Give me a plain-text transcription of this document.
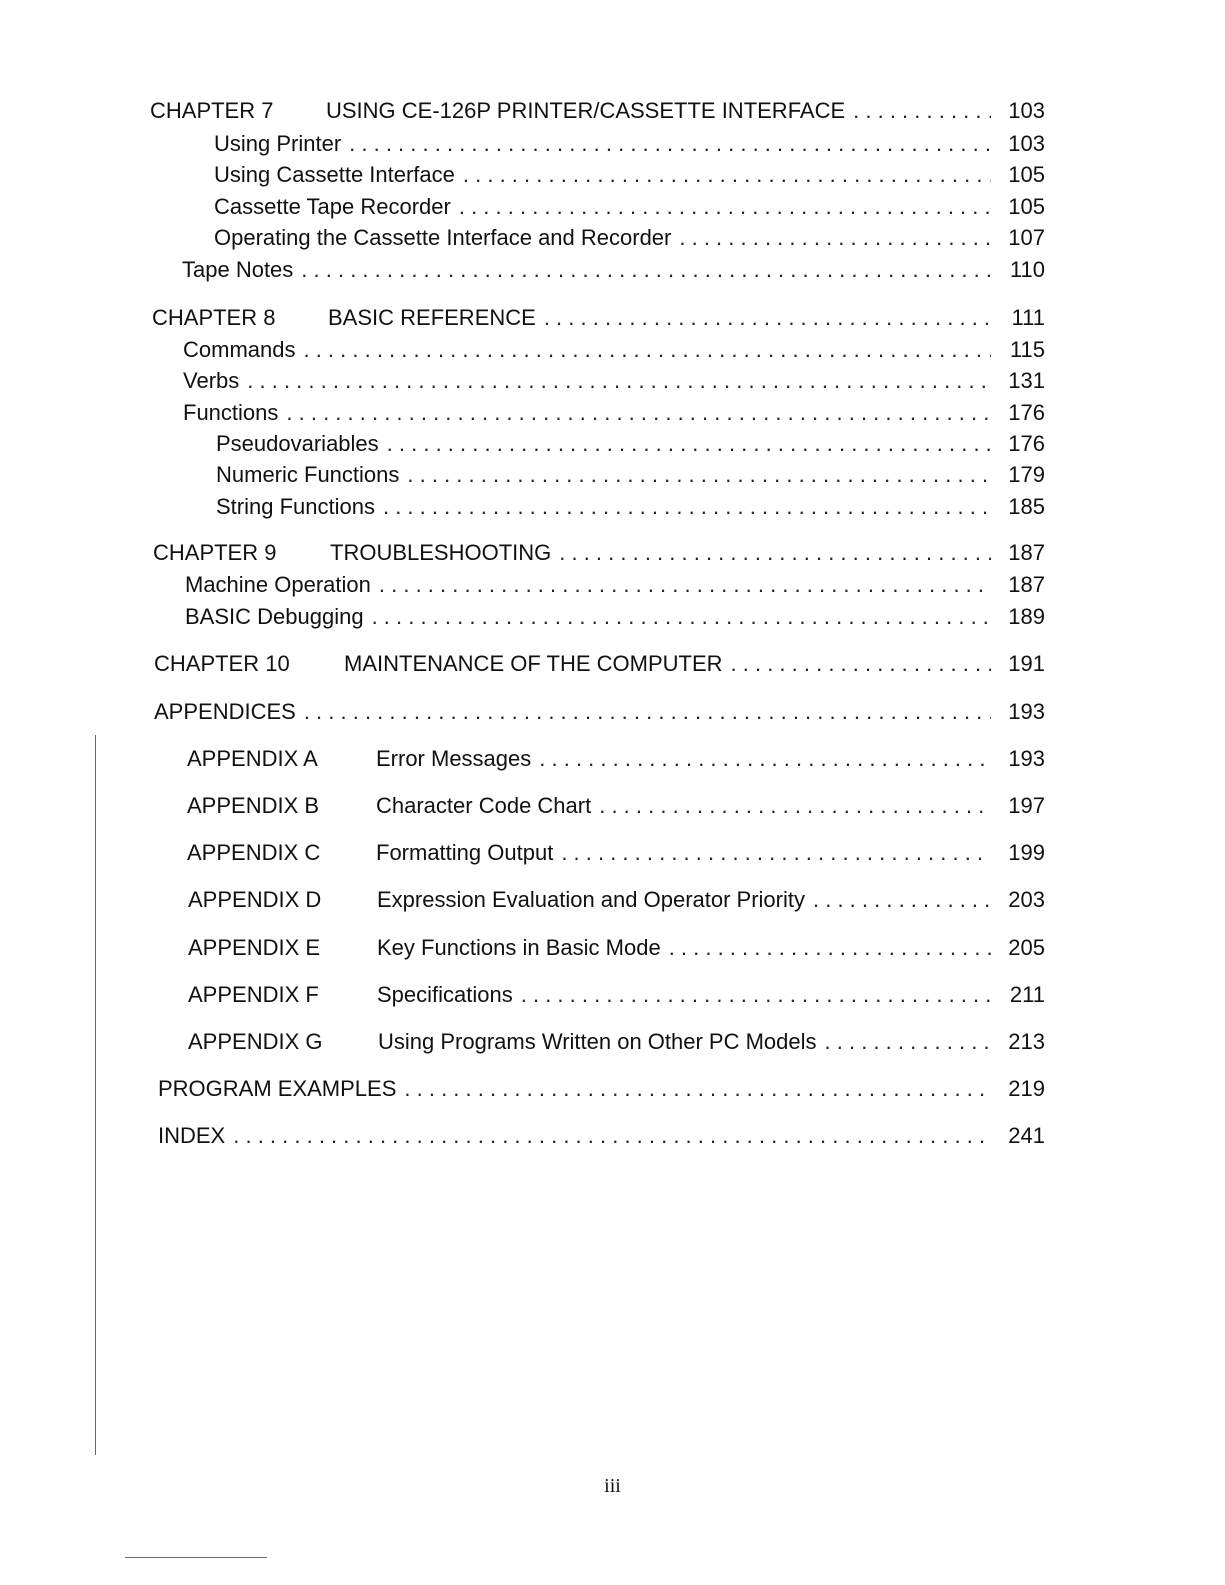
CHAPTER 7	USING CE-126P PRINTER/CASSETTE INTERFACE . . .	103
Using Printer . . .	103
Using Cassette Interface . . .	105
Cassette Tape Recorder . . .	105
Operating the Cassette Interface and Recorder . . .	107
Tape Notes . . .	110
CHAPTER 8	BASIC REFERENCE . . .	111
Commands . . .	115
Verbs . . .	131
Functions . . .	176
Pseudovariables . . .	176
Numeric Functions . . .	179
String Functions . . .	185
CHAPTER 9	TROUBLESHOOTING . . .	187
Machine Operation . . .	187
BASIC Debugging . . .	189
CHAPTER 10	MAINTENANCE OF THE COMPUTER . . .	191
APPENDICES . . .	193
APPENDIX A	Error Messages . . .	193
APPENDIX B	Character Code Chart . . .	197
APPENDIX C	Formatting Output . . .	199
APPENDIX D	Expression Evaluation and Operator Priority . . .	203
APPENDIX E	Key Functions in Basic Mode . . .	205
APPENDIX F	Specifications . . .	211
APPENDIX G	Using Programs Written on Other PC Models . . .	213
PROGRAM EXAMPLES . . .	219
INDEX . . .	241
iii
